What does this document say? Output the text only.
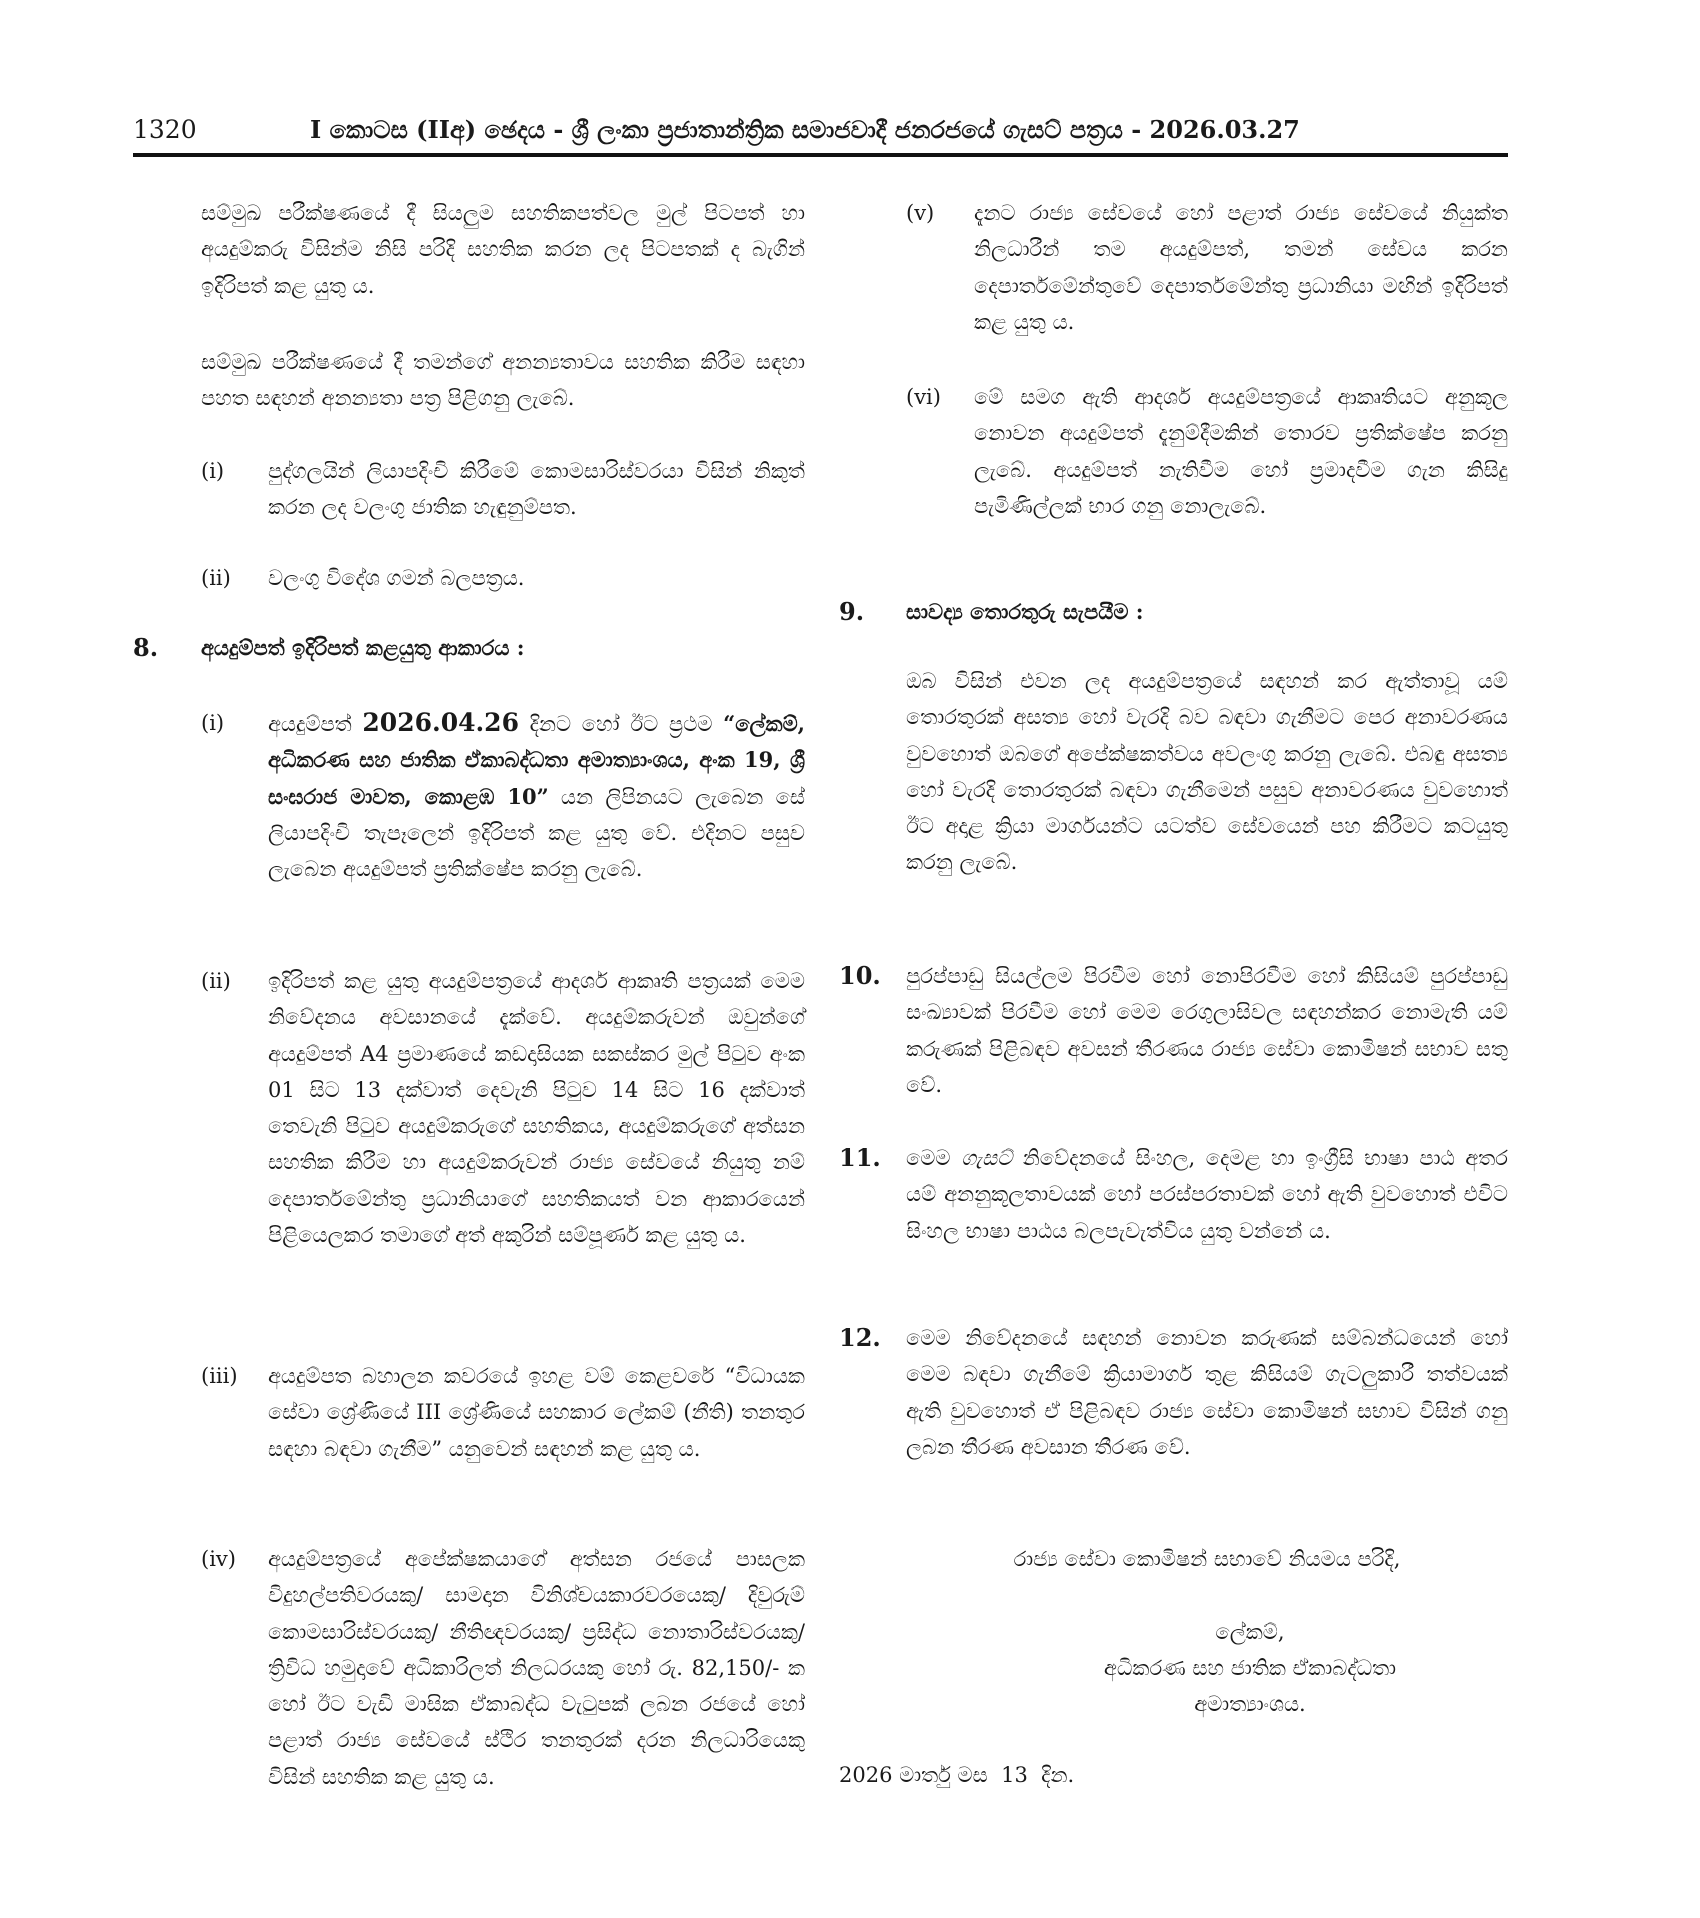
1320	I කොටස (IIඅ) ඡෙදය - ශ්‍රී ලංකා ප්‍රජාතාන්ත්‍රික සමාජවාදී ජනරජයේ ගැසට් පත්‍රය - 2026.03.27
සම්මුඛ පරීක්ෂණයේ දී සියලුම සහතිකපත්වල මුල් පිටපත් හා අයදුම්කරු විසින්ම නිසි පරිදි සහතික කරන ලද පිටපතක් ද බැගින් ඉදිරිපත් කළ යුතු ය.
සම්මුඛ පරීක්ෂණයේ දී තමන්ගේ අනන්‍යතාවය සහතික කිරීම සඳහා පහත සඳහන් අනන්‍යතා පත්‍ර පිළිගනු ලැබේ.
(i) පුද්ගලයින් ලියාපදිංචි කිරීමේ කොමසාරිස්වරයා විසින් නිකුත් කරන ලද වලංගු ජාතික හැඳුනුම්පත.
(ii) වලංගු විදේශ ගමන් බලපත්‍රය.
8. අයදුම්පත් ඉදිරිපත් කළයුතු ආකාරය :
(i) අයදුම්පත් 2026.04.26 දිනට හෝ ඊට ප්‍රථම “ලේකම්, අධිකරණ සහ ජාතික ඒකාබද්ධතා අමාත්‍යාංශය, අංක 19, ශ්‍රී සංඝරාජ මාවත, කොළඹ 10” යන ලිපිනයට ලැබෙන සේ ලියාපදිංචි තැපෑලෙන් ඉදිරිපත් කළ යුතු වේ. එදිනට පසුව ලැබෙන අයදුම්පත් ප්‍රතික්ෂේප කරනු ලැබේ.
(ii) ඉදිරිපත් කළ යුතු අයදුම්පත්‍රයේ ආදර්ශ ආකෘති පත්‍රයක් මෙම නිවේදනය අවසානයේ දැක්වේ. අයදුම්කරුවන් ඔවුන්ගේ අයදුම්පත් A4 ප්‍රමාණයේ කඩදාසියක සකස්කර මුල් පිටුව අංක 01 සිට 13 දක්වාත් දෙවැනි පිටුව 14 සිට 16 දක්වාත් තෙවැනි පිටුව අයදුම්කරුගේ සහතිකය, අයදුම්කරුගේ අත්සන සහතික කිරීම හා අයදුම්කරුවන් රාජ්‍ය සේවයේ නියුතු නම් දෙපාර්තමේන්තු ප්‍රධානියාගේ සහතිකයත් වන ආකාරයෙන් පිළියෙලකර තමාගේ අත් අකුරින් සම්පූර්ණ කළ යුතු ය.
(iii) අයදුම්පත බහාලන කවරයේ ඉහළ වම් කෙළවරේ “විධායක සේවා ශ්‍රේණියේ III ශ්‍රේණියේ සහකාර ලේකම් (නීති) තනතුර සඳහා බඳවා ගැනීම” යනුවෙන් සඳහන් කළ යුතු ය.
(iv) අයදුම්පත්‍රයේ අපේක්ෂකයාගේ අත්සන රජයේ පාසලක විදුහල්පතිවරයකු/ සාමදාන විනිශ්චයකාරවරයෙකු/ දිවුරුම් කොමසාරිස්වරයකු/ නීතිඥවරයකු/ ප්‍රසිද්ධ නොතාරිස්වරයකු/ ත්‍රිවිධ හමුදාවේ අධිකාරිලත් නිලධරයකු හෝ රු. 82,150/- ක හෝ ඊට වැඩි මාසික ඒකාබද්ධ වැටුපක් ලබන රජයේ හෝ පළාත් රාජ්‍ය සේවයේ ස්ථිර තනතුරක් දරන නිලධාරියෙකු විසින් සහතික කළ යුතු ය.
(v) දැනට රාජ්‍ය සේවයේ හෝ පළාත් රාජ්‍ය සේවයේ නියුක්ත නිලධාරීන් තම අයදුම්පත්, තමන් සේවය කරන දෙපාර්තමේන්තුවේ දෙපාර්තමේන්තු ප්‍රධානියා මඟින් ඉදිරිපත් කළ යුතු ය.
(vi) මේ සමග ඇති ආදර්ශ අයදුම්පත්‍රයේ ආකෘතියට අනුකූල නොවන අයදුම්පත් දැනුම්දීමකින් තොරව ප්‍රතික්ෂේප කරනු ලැබේ. අයදුම්පත් නැතිවීම හෝ ප්‍රමාදවීම ගැන කිසිදු පැමිණිල්ලක් භාර ගනු නොලැබේ.
9. සාවද්‍ය තොරතුරු සැපයීම :
ඔබ විසින් එවන ලද අයදුම්පත්‍රයේ සඳහන් කර ඇත්තාවූ යම් තොරතුරක් අසත්‍ය හෝ වැරදි බව බඳවා ගැනීමට පෙර අනාවරණය වුවහොත් ඔබගේ අපේක්ෂකත්වය අවලංගු කරනු ලැබේ. එබඳු අසත්‍ය හෝ වැරදි තොරතුරක් බඳවා ගැනීමෙන් පසුව අනාවරණය වුවහොත් ඊට අදාළ ක්‍රියා මාර්ගයන්ට යටත්ව සේවයෙන් පහ කිරීමට කටයුතු කරනු ලැබේ.
10. පුරප්පාඩු සියල්ලම පිරවීම හෝ නොපිරවීම හෝ කිසියම් පුරප්පාඩු සංඛ්‍යාවක් පිරවීම හෝ මෙම රෙගුලාසිවල සඳහන්කර නොමැති යම් කරුණක් පිළිබඳව අවසන් තීරණය රාජ්‍ය සේවා කොමිෂන් සභාව සතු වේ.
11. මෙම ගැසට් නිවේදනයේ සිංහල, දෙමළ හා ඉංග්‍රීසි භාෂා පාඨ අතර යම් අනනුකූලතාවයක් හෝ පරස්පරතාවක් හෝ ඇති වුවහොත් එවිට සිංහල භාෂා පාඨය බලපැවැත්විය යුතු වන්නේ ය.
12. මෙම නිවේදනයේ සඳහන් නොවන කරුණක් සම්බන්ධයෙන් හෝ මෙම බඳවා ගැනීමේ ක්‍රියාමාර්ග තුළ කිසියම් ගැටලුකාරී තත්වයක් ඇති වුවහොත් ඒ පිළිබඳව රාජ්‍ය සේවා කොමිෂන් සභාව විසින් ගනු ලබන තීරණ අවසාන තීරණ වේ.
රාජ්‍ය සේවා කොමිෂන් සභාවේ නියමය පරිදි,
ලේකම්,
අධිකරණ සහ ජාතික ඒකාබද්ධතා
අමාත්‍යාංශය.
2026 මාර්තු මස  13  දින.
